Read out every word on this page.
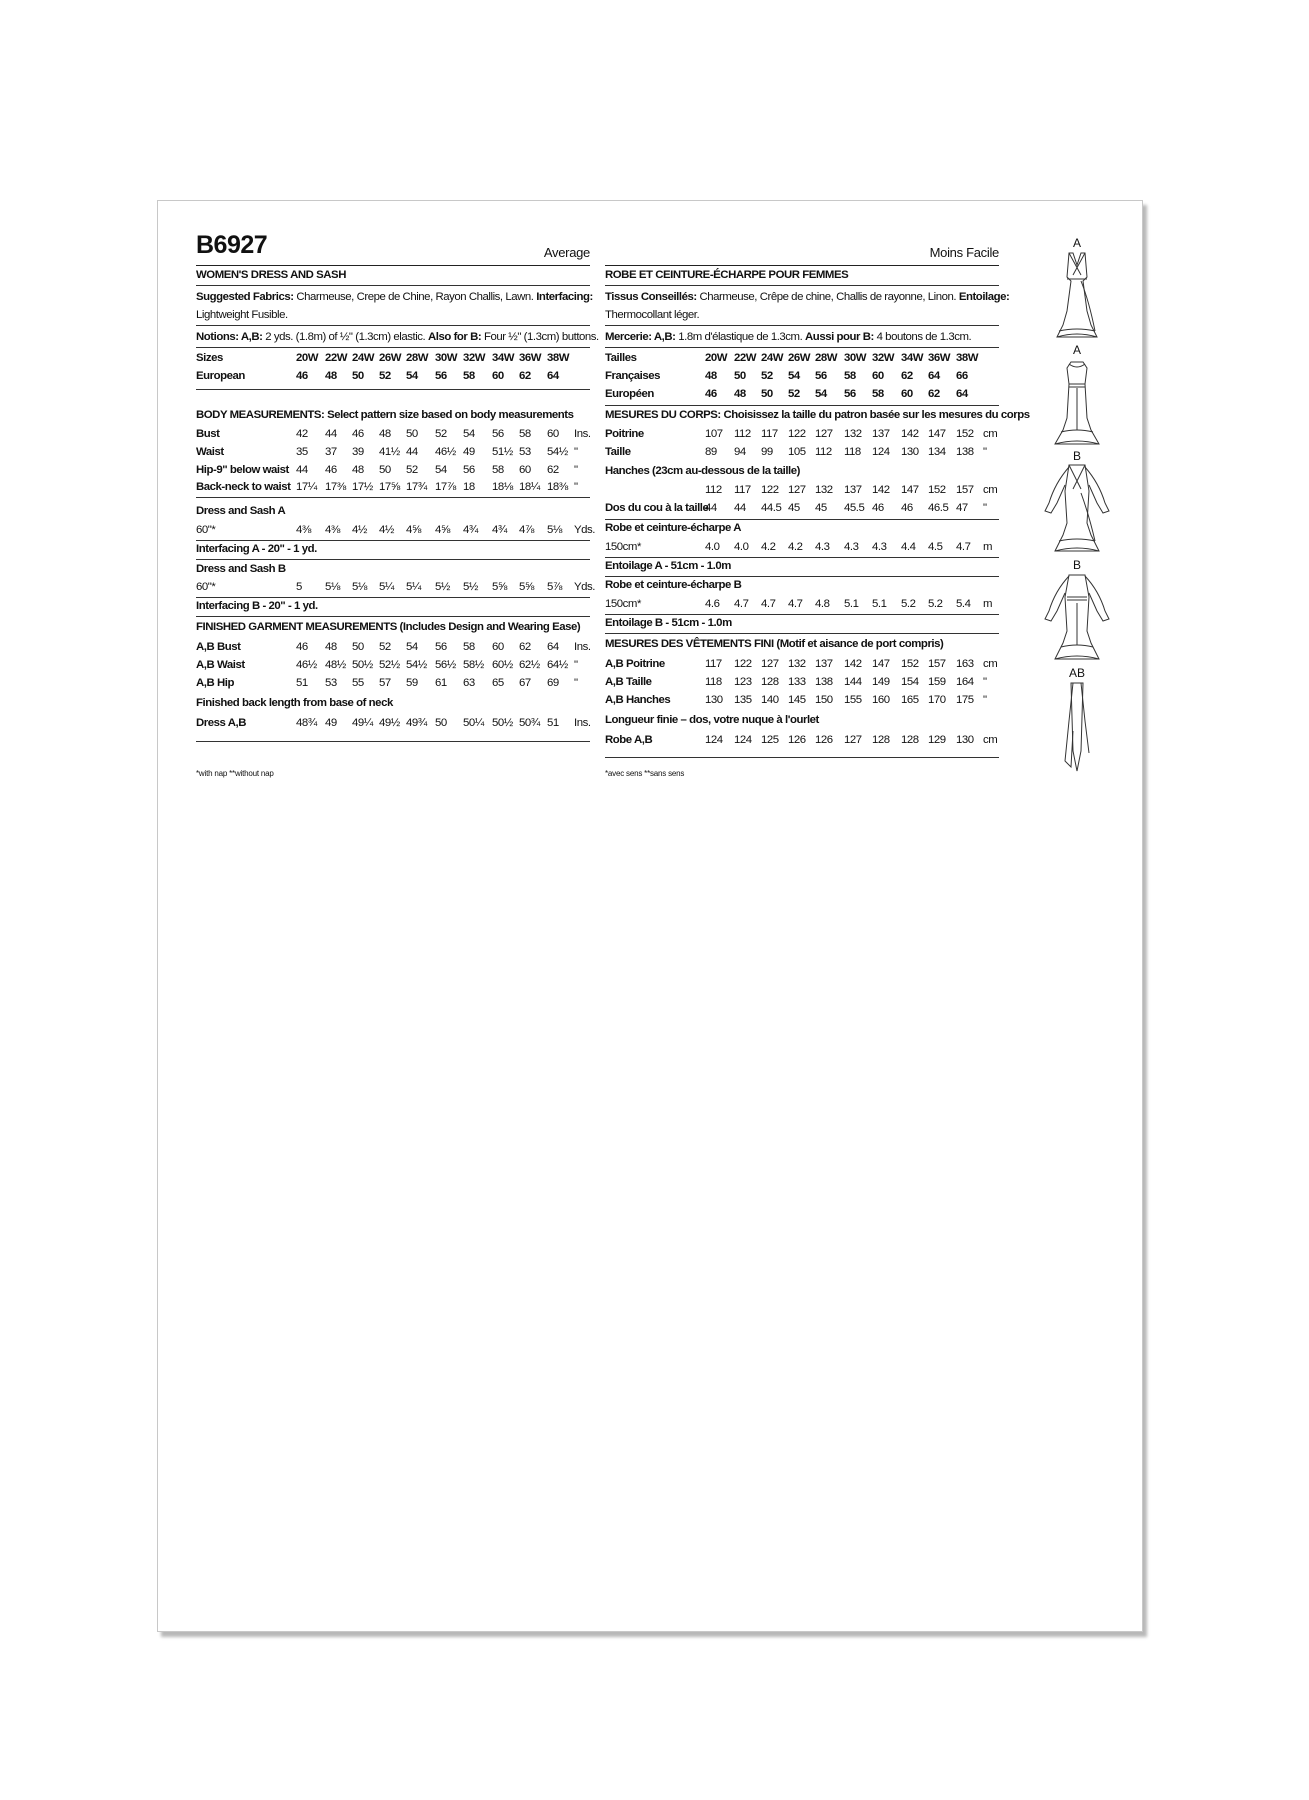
B6927	Average
WOMEN'S DRESS AND SASH
Suggested Fabrics: Charmeuse, Crepe de Chine, Rayon Challis, Lawn. Interfacing:
Lightweight Fusible.
Notions: A,B: 2 yds. (1.8m) of ½" (1.3cm) elastic. Also for B: Four ½" (1.3cm) buttons.
Sizes	20W 22W 24W 26W 28W 30W 32W 34W 36W 38W
European	46 48 50 52 54 56 58 60 62 64
BODY MEASUREMENTS: Select pattern size based on body measurements
Bust	42 44 46 48 50 52 54 56 58 60 Ins.
Waist	35 37 39 41½ 44 46½ 49 51½ 53 54½ "
Hip-9" below waist 44 46 48 50 52 54 56 58 60 62 "
Back-neck to waist 17¼ 17⅜ 17½ 17⅝ 17¾ 17⅞ 18 18⅛ 18¼ 18⅜ "
Dress and Sash A
60"*	4⅜ 4⅜ 4½ 4½ 4⅝ 4⅝ 4¾ 4¾ 4⅞ 5⅛ Yds.
Interfacing A - 20" - 1 yd.
Dress and Sash B
60"*	5 5⅛ 5⅛ 5¼ 5¼ 5½ 5½ 5⅝ 5⅝ 5⅞ Yds.
Interfacing B - 20" - 1 yd.
FINISHED GARMENT MEASUREMENTS (Includes Design and Wearing Ease)
A,B Bust	46 48 50 52 54 56 58 60 62 64 Ins.
A,B Waist	46½ 48½ 50½ 52½ 54½ 56½ 58½ 60½ 62½ 64½ "
A,B Hip	51 53 55 57 59 61 63 65 67 69 "
Finished back length from base of neck
Dress A,B	48¾ 49 49¼ 49½ 49¾ 50 50¼ 50½ 50¾ 51 Ins.
*with nap **without nap
Moins Facile
ROBE ET CEINTURE-ÉCHARPE POUR FEMMES
Tissus Conseillés: Charmeuse, Crêpe de chine, Challis de rayonne, Linon. Entoilage:
Thermocollant léger.
Mercerie: A,B: 1.8m d'élastique de 1.3cm. Aussi pour B: 4 boutons de 1.3cm.
Tailles	20W 22W 24W 26W 28W 30W 32W 34W 36W 38W
Françaises	48 50 52 54 56 58 60 62 64 66
Européen	46 48 50 52 54 56 58 60 62 64
MESURES DU CORPS: Choisissez la taille du patron basée sur les mesures du corps
Poitrine	107 112 117 122 127 132 137 142 147 152 cm
Taille	89 94 99 105 112 118 124 130 134 138 "
Hanches (23cm au-dessous de la taille)
112 117 122 127 132 137 142 147 152 157 cm
Dos du cou à la taille
44 44 44.5 45 45 45.5 46 46 46.5 47 "
Robe et ceinture-écharpe A
150cm*	4.0 4.0 4.2 4.2 4.3 4.3 4.3 4.4 4.5 4.7 m
Entoilage A - 51cm - 1.0m
Robe et ceinture-écharpe B
150cm*	4.6 4.7 4.7 4.7 4.8 5.1 5.1 5.2 5.2 5.4 m
Entoilage B - 51cm - 1.0m
MESURES DES VÊTEMENTS FINI (Motif et aisance de port compris)
A,B Poitrine	117 122 127 132 137 142 147 152 157 163 cm
A,B Taille	118 123 128 133 138 144 149 154 159 164 "
A,B Hanches	130 135 140 145 150 155 160 165 170 175 "
Longueur finie – dos, votre nuque à l'ourlet
Robe A,B	124 124 125 126 126 127 128 128 129 130 cm
*avec sens **sans sens
A
A
B
B
AB
